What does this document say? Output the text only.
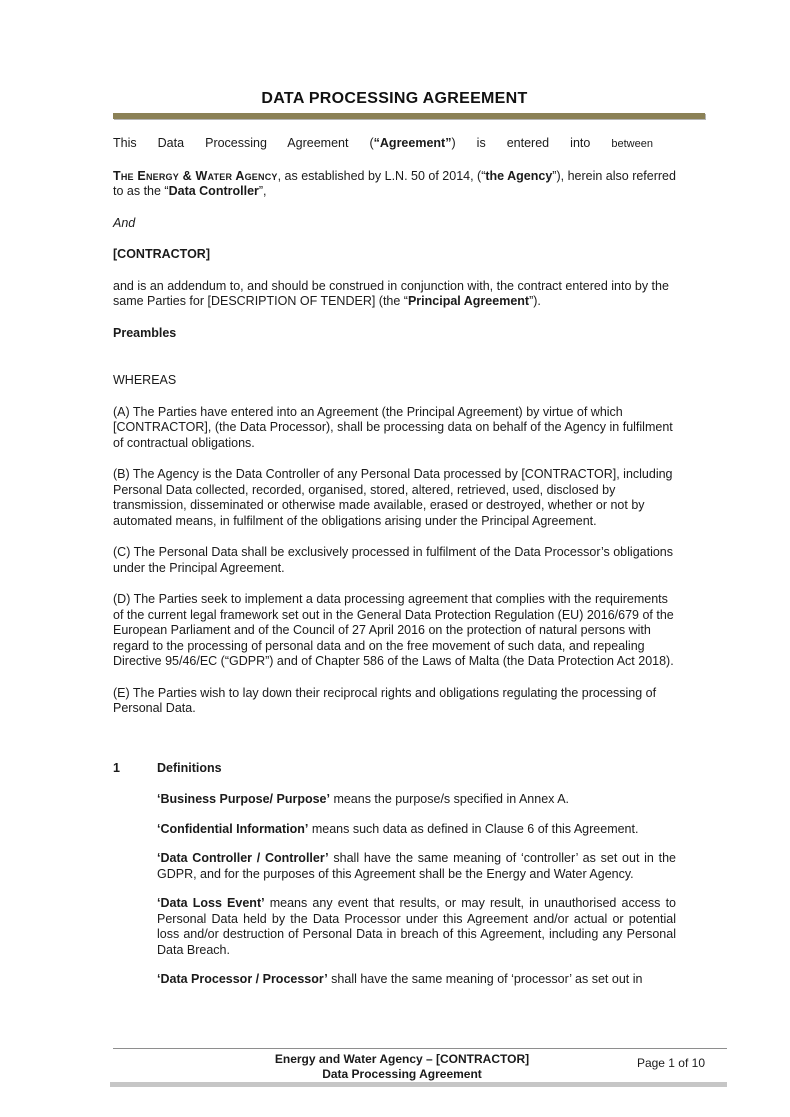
DATA PROCESSING AGREEMENT

This Data Processing Agreement (“Agreement”) is entered into between

The Energy & Water Agency, as established by L.N. 50 of 2014, (“the Agency”), herein also referred to as the “Data Controller”,

And

[CONTRACTOR]

and is an addendum to, and should be construed in conjunction with, the contract entered into by the same Parties for [DESCRIPTION OF TENDER] (the “Principal Agreement”).

Preambles

WHEREAS

(A) The Parties have entered into an Agreement (the Principal Agreement) by virtue of which [CONTRACTOR], (the Data Processor), shall be processing data on behalf of the Agency in fulfilment of contractual obligations.

(B) The Agency is the Data Controller of any Personal Data processed by [CONTRACTOR], including Personal Data collected, recorded, organised, stored, altered, retrieved, used, disclosed by transmission, disseminated or otherwise made available, erased or destroyed, whether or not by automated means, in fulfilment of the obligations arising under the Principal Agreement.

(C) The Personal Data shall be exclusively processed in fulfilment of the Data Processor’s obligations under the Principal Agreement.

(D) The Parties seek to implement a data processing agreement that complies with the requirements of the current legal framework set out in the General Data Protection Regulation (EU) 2016/679 of the European Parliament and of the Council of 27 April 2016 on the protection of natural persons with regard to the processing of personal data and on the free movement of such data, and repealing Directive 95/46/EC (“GDPR”) and of Chapter 586 of the Laws of Malta (the Data Protection Act 2018).

(E) The Parties wish to lay down their reciprocal rights and obligations regulating the processing of Personal Data.

1	Definitions

‘Business Purpose/ Purpose’ means the purpose/s specified in Annex A.

‘Confidential Information’ means such data as defined in Clause 6 of this Agreement.

‘Data Controller / Controller’ shall have the same meaning of ‘controller’ as set out in the GDPR, and for the purposes of this Agreement shall be the Energy and Water Agency.

‘Data Loss Event’ means any event that results, or may result, in unauthorised access to Personal Data held by the Data Processor under this Agreement and/or actual or potential loss and/or destruction of Personal Data in breach of this Agreement, including any Personal Data Breach.

‘Data Processor / Processor’ shall have the same meaning of ‘processor’ as set out in

Energy and Water Agency – [CONTRACTOR]
Data Processing Agreement
Page 1 of 10
